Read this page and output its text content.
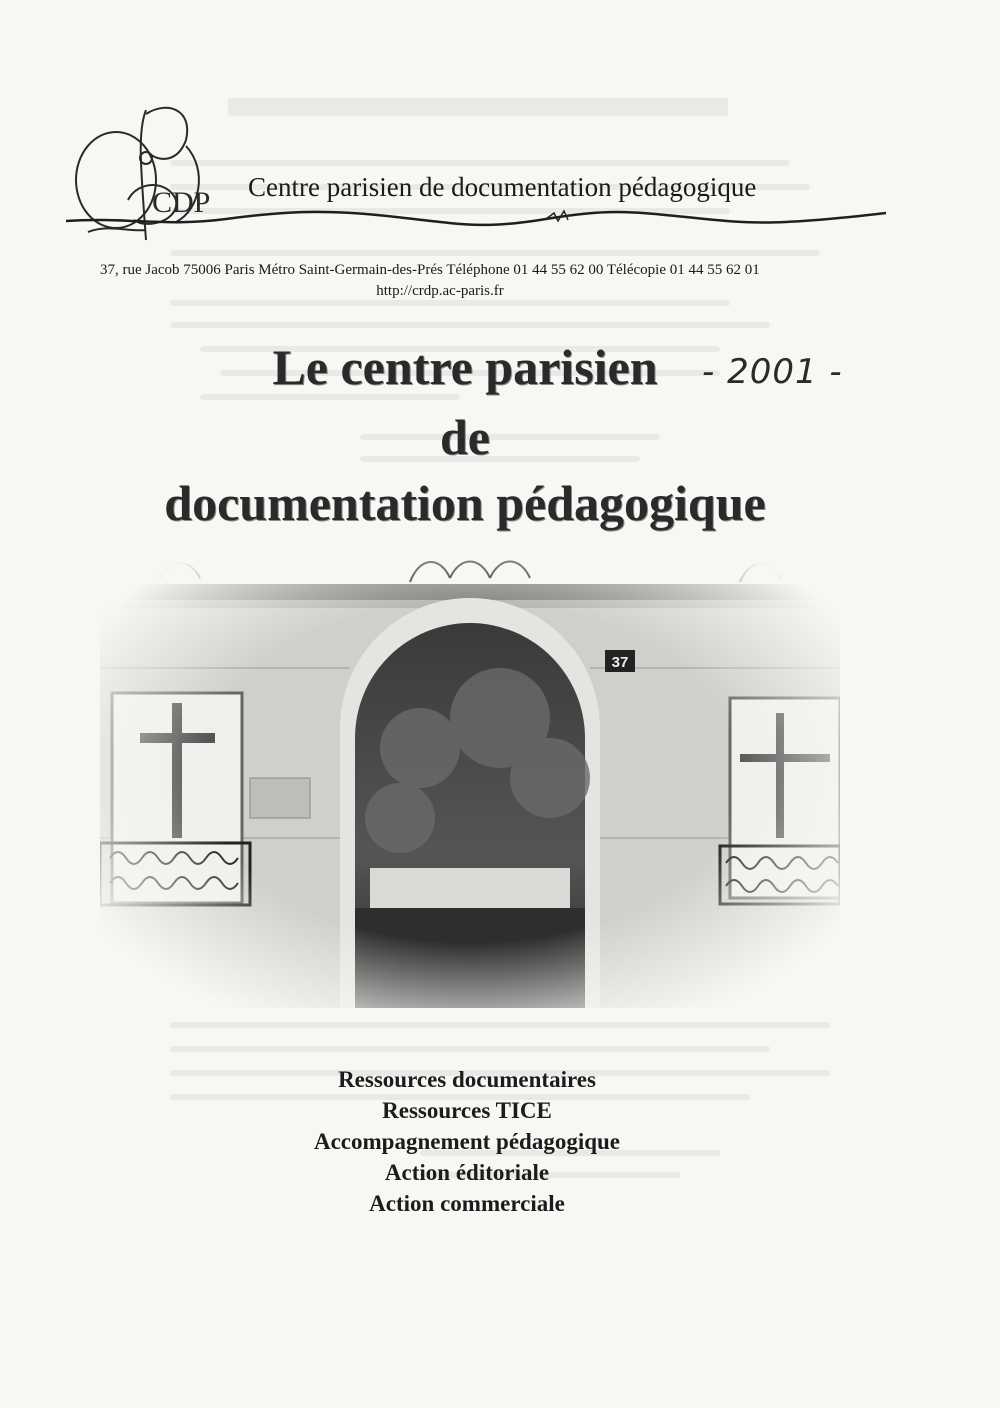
CDP Centre parisien de documentation pédagogique
37, rue Jacob 75006 Paris Métro Saint-Germain-des-Prés Téléphone 01 44 55 62 00 Télécopie 01 44 55 62 01
http://crdp.ac-paris.fr
Le centre parisien
de
documentation pédagogique
- 2001 -
Ressources documentaires
Ressources TICE
Accompagnement pédagogique
Action éditoriale
Action commerciale
